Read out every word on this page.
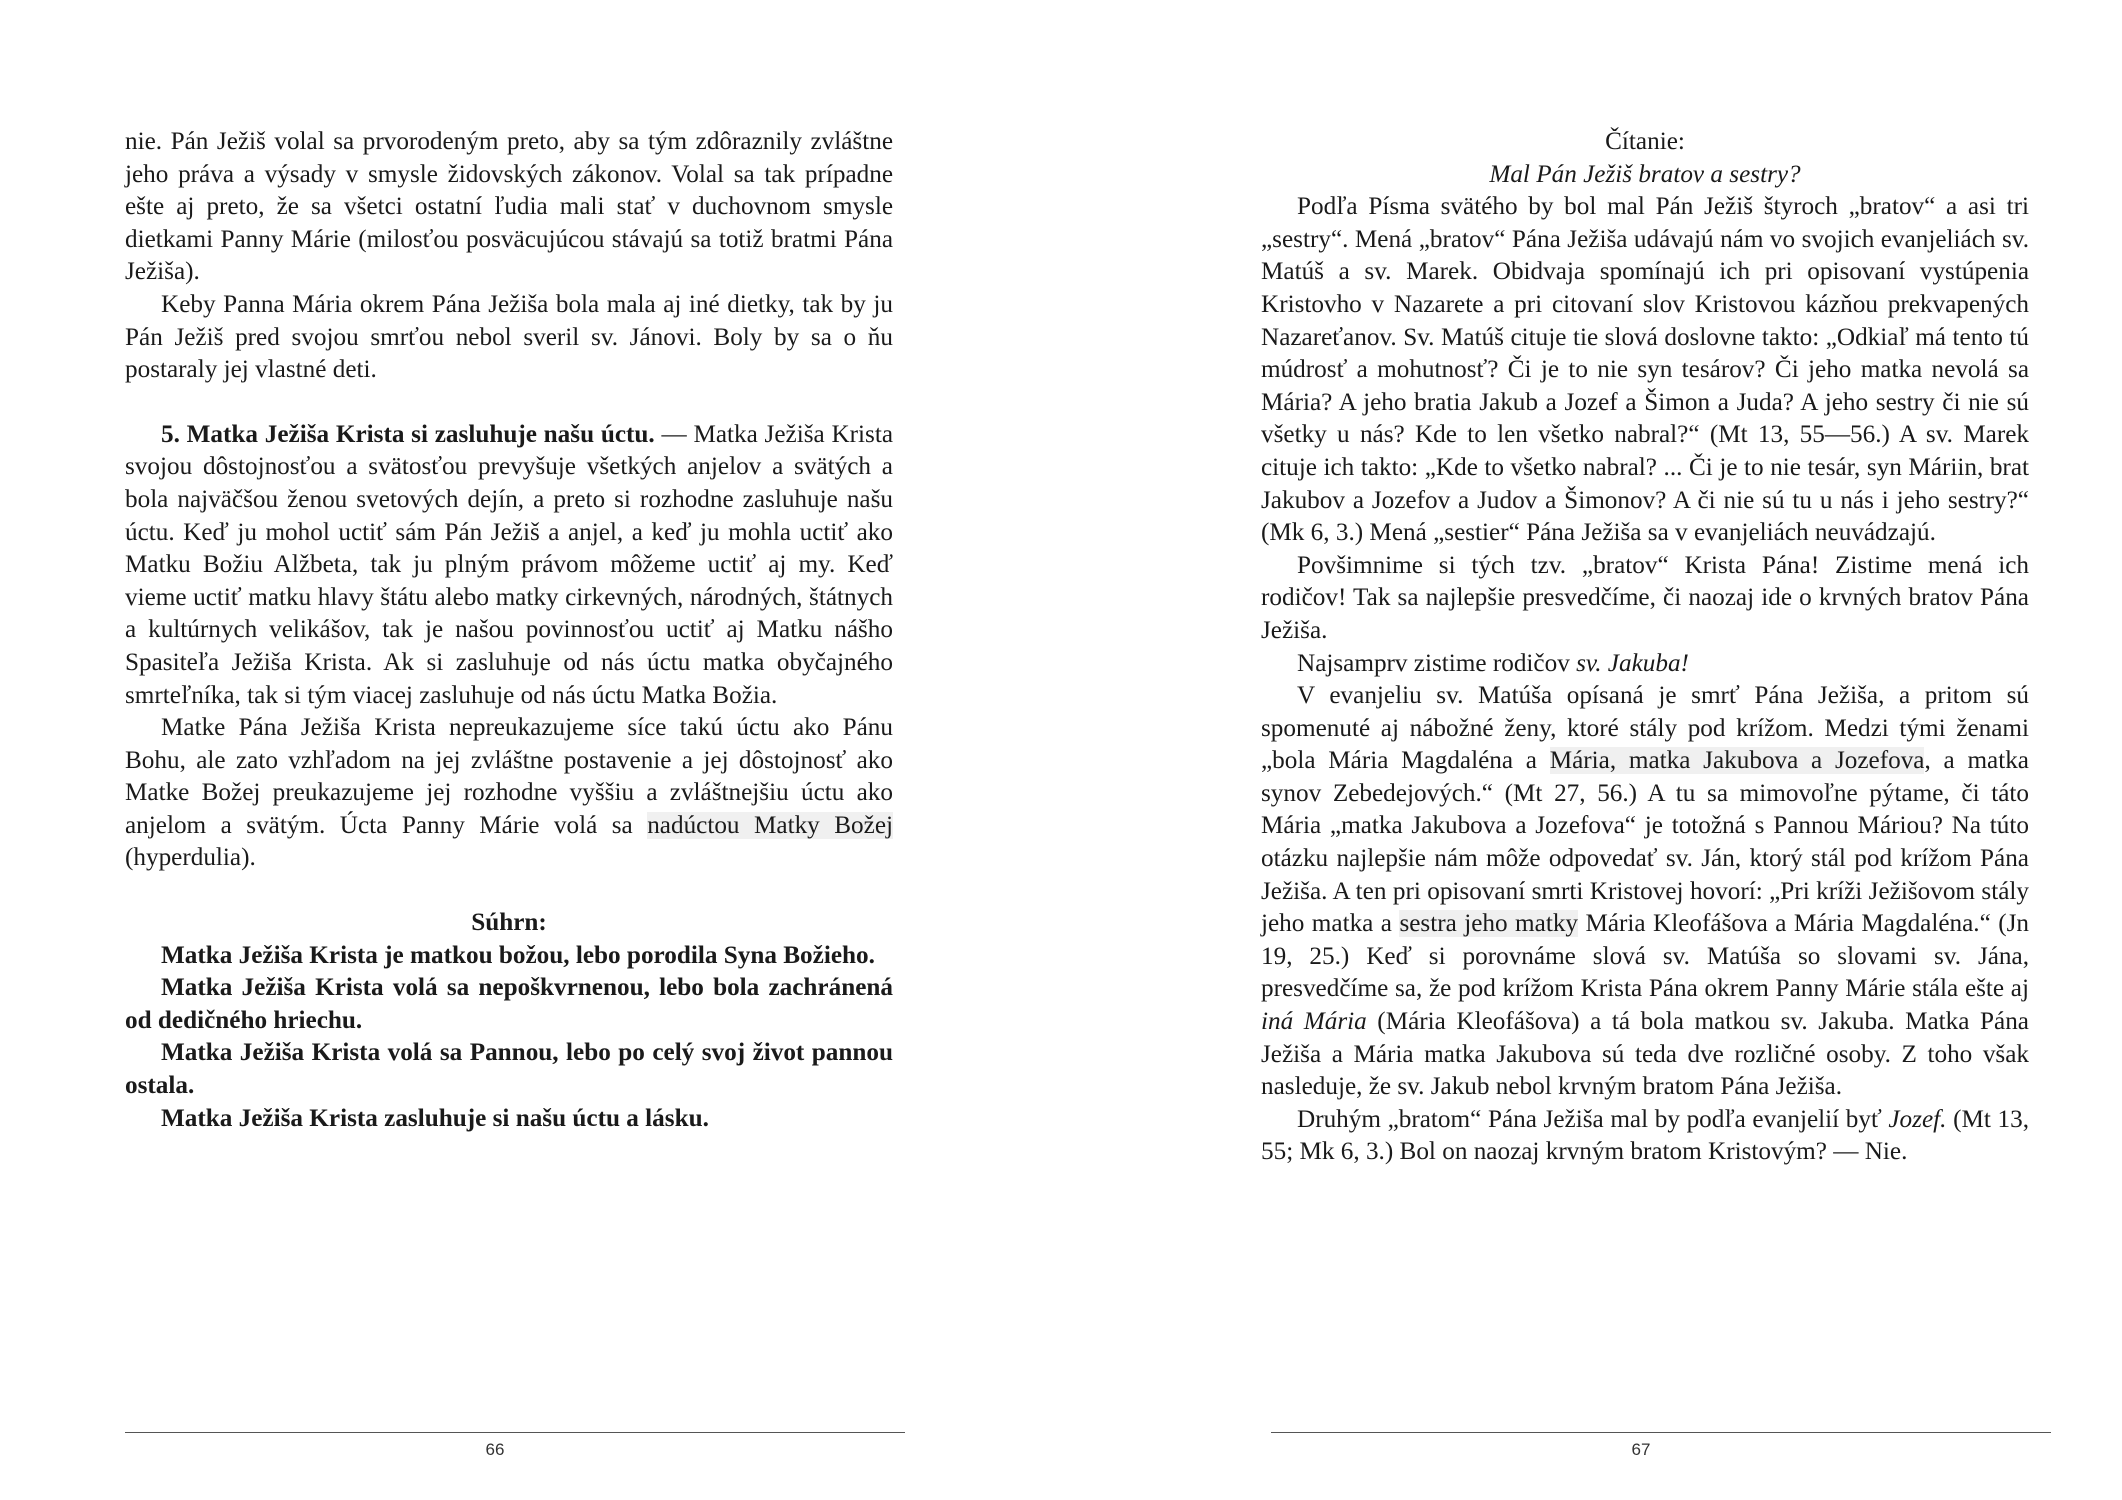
nie. Pán Ježiš volal sa prvorodeným preto, aby sa tým zdôraznily zvláštne jeho práva a výsady v smysle židovských zákonov. Volal sa tak prípadne ešte aj preto, že sa všetci ostatní ľudia mali stať v duchovnom smysle dietkami Panny Márie (milosťou posväcujúcou stávajú sa totiž bratmi Pána Ježiša).

Keby Panna Mária okrem Pána Ježiša bola mala aj iné dietky, tak by ju Pán Ježiš pred svojou smrťou nebol sveril sv. Jánovi. Boly by sa o ňu postaraly jej vlastné deti.

5. Matka Ježiša Krista si zasluhuje našu úctu. — Matka Ježiša Krista svojou dôstojnosťou a svätosťou prevyšuje všetkých anjelov a svätých a bola najväčšou ženou svetových dejín, a preto si rozhodne zasluhuje našu úctu. Keď ju mohol uctiť sám Pán Ježiš a anjel, a keď ju mohla uctiť ako Matku Božiu Alžbeta, tak ju plným právom môžeme uctiť aj my. Keď vieme uctiť matku hlavy štátu alebo matky cirkevných, národných, štátnych a kultúrnych velikášov, tak je našou povinnosťou uctiť aj Matku nášho Spasiteľa Ježiša Krista. Ak si zasluhuje od nás úctu matka obyčajného smrteľníka, tak si tým viacej zasluhuje od nás úctu Matka Božia.

Matke Pána Ježiša Krista nepreukazujeme síce takú úctu ako Pánu Bohu, ale zato vzhľadom na jej zvláštne postavenie a jej dôstojnosť ako Matke Božej preukazujeme jej rozhodne vyššiu a zvláštnejšiu úctu ako anjelom a svätým. Úcta Panny Márie volá sa nadúctou Matky Božej (hyperdulia).

Súhrn:

Matka Ježiša Krista je matkou božou, lebo porodila Syna Božieho.

Matka Ježiša Krista volá sa nepoškvrnenou, lebo bola zachránená od dedičného hriechu.

Matka Ježiša Krista volá sa Pannou, lebo po celý svoj život pannou ostala.

Matka Ježiša Krista zasluhuje si našu úctu a lásku.

66

Čítanie:

Mal Pán Ježiš bratov a sestry?

Podľa Písma svätého by bol mal Pán Ježiš štyroch „bratov“ a asi tri „sestry“. Mená „bratov“ Pána Ježiša udávajú nám vo svojich evanjeliách sv. Matúš a sv. Marek. Obidvaja spomínajú ich pri opisovaní vystúpenia Kristovho v Nazarete a pri citovaní slov Kristovou kázňou prekvapených Nazareťanov. Sv. Matúš cituje tie slová doslovne takto: „Odkiaľ má tento tú múdrosť a mohutnosť? Či je to nie syn tesárov? Či jeho matka nevolá sa Mária? A jeho bratia Jakub a Jozef a Šimon a Juda? A jeho sestry či nie sú všetky u nás? Kde to len všetko nabral?“ (Mt 13, 55—56.) A sv. Marek cituje ich takto: „Kde to všetko nabral? ... Či je to nie tesár, syn Máriin, brat Jakubov a Jozefov a Judov a Šimonov? A či nie sú tu u nás i jeho sestry?“ (Mk 6, 3.) Mená „sestier“ Pána Ježiša sa v evanjeliách neuvádzajú.

Povšimnime si tých tzv. „bratov“ Krista Pána! Zistime mená ich rodičov! Tak sa najlepšie presvedčíme, či naozaj ide o krvných bratov Pána Ježiša.

Najsamprv zistime rodičov sv. Jakuba!

V evanjeliu sv. Matúša opísaná je smrť Pána Ježiša, a pritom sú spomenuté aj nábožné ženy, ktoré stály pod krížom. Medzi tými ženami „bola Mária Magdaléna a Mária, matka Jakubova a Jozefova, a matka synov Zebedejových.“ (Mt 27, 56.) A tu sa mimovoľne pýtame, či táto Mária „matka Jakubova a Jozefova“ je totožná s Pannou Máriou? Na túto otázku najlepšie nám môže odpovedať sv. Ján, ktorý stál pod krížom Pána Ježiša. A ten pri opisovaní smrti Kristovej hovorí: „Pri kríži Ježišovom stály jeho matka a sestra jeho matky Mária Kleofášova a Mária Magdaléna.“ (Jn 19, 25.) Keď si porovnáme slová sv. Matúša so slovami sv. Jána, presvedčíme sa, že pod krížom Krista Pána okrem Panny Márie stála ešte aj iná Mária (Mária Kleofášova) a tá bola matkou sv. Jakuba. Matka Pána Ježiša a Mária matka Jakubova sú teda dve rozličné osoby. Z toho však nasleduje, že sv. Jakub nebol krvným bratom Pána Ježiša.

Druhým „bratom“ Pána Ježiša mal by podľa evanjelií byť Jozef. (Mt 13, 55; Mk 6, 3.) Bol on naozaj krvným bratom Kristovým? — Nie.

67
